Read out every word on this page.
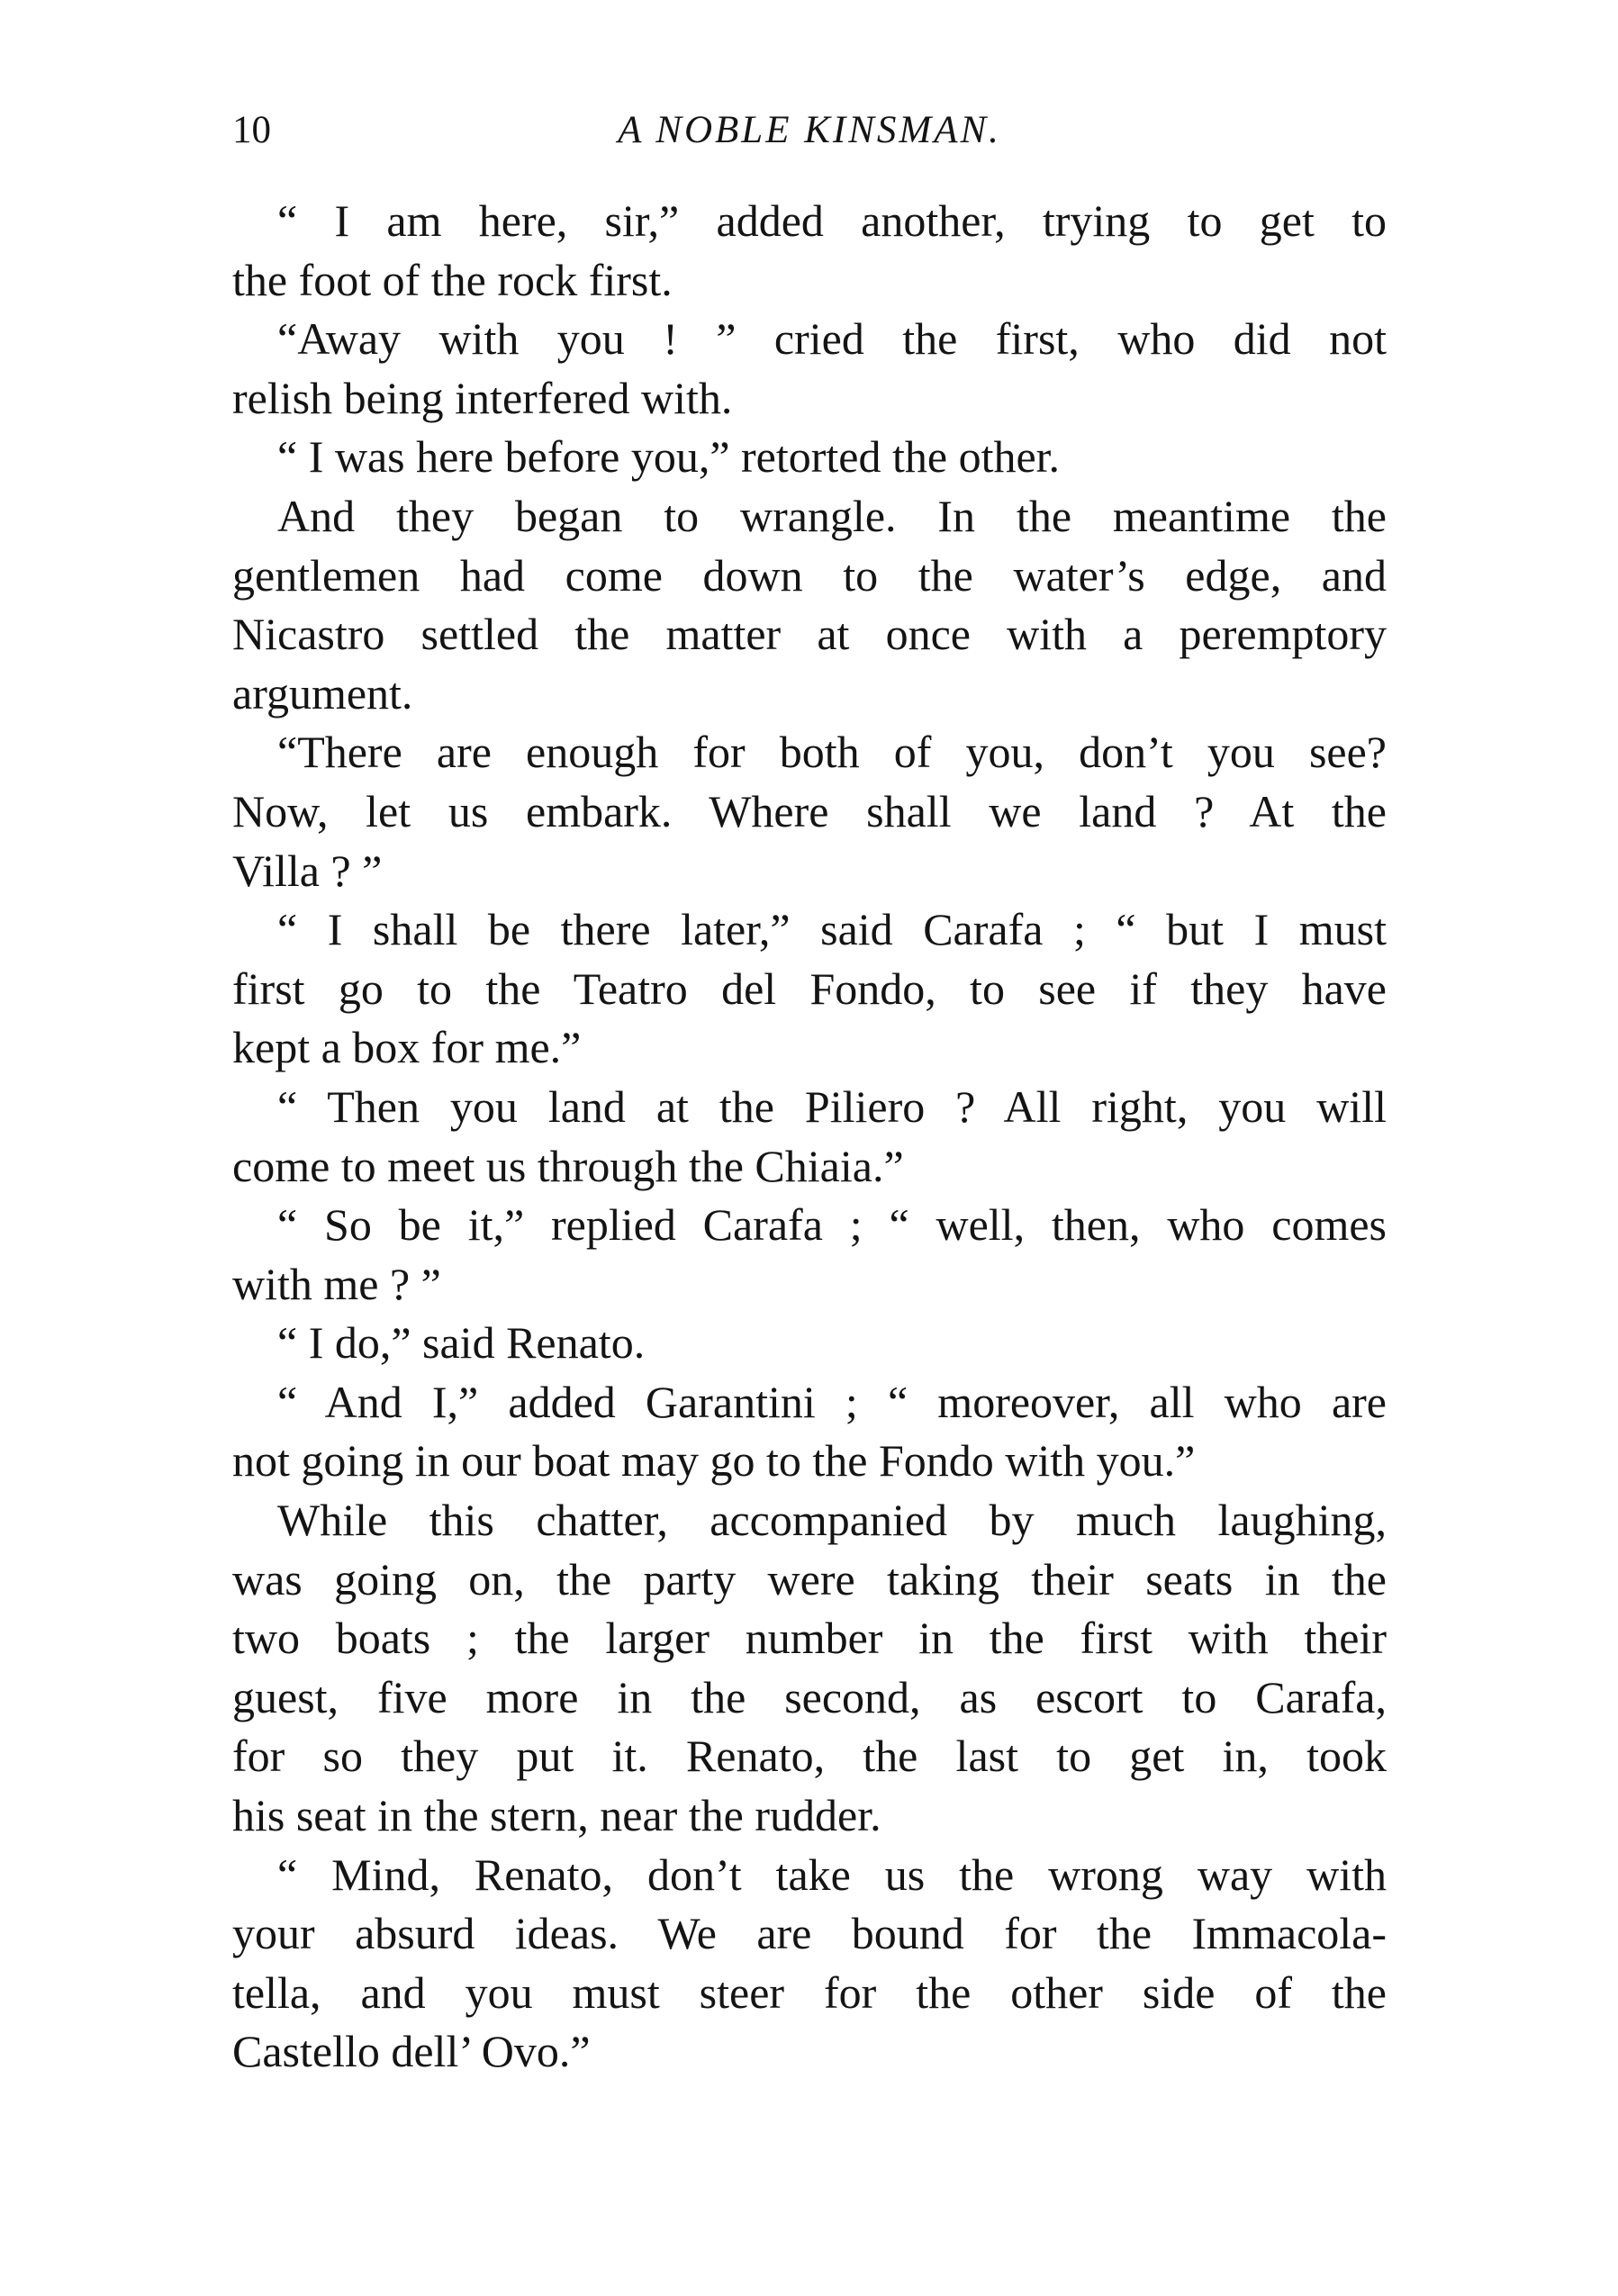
10	A NOBLE KINSMAN.
“ I am here, sir,” added another, trying to get to
the foot of the rock first.
“Away with you ! ” cried the first, who did not
relish being interfered with.
“ I was here before you,” retorted the other.
And they began to wrangle. In the meantime the
gentlemen had come down to the water’s edge, and
Nicastro settled the matter at once with a peremptory
argument.
“There are enough for both of you, don’t you see?
Now, let us embark. Where shall we land ? At the
Villa ? ”
“ I shall be there later,” said Carafa ; “ but I must
first go to the Teatro del Fondo, to see if they have
kept a box for me.”
“ Then you land at the Piliero ? All right, you will
come to meet us through the Chiaia.”
“ So be it,” replied Carafa ; “ well, then, who comes
with me ? ”
“ I do,” said Renato.
“ And I,” added Garantini ; “ moreover, all who are
not going in our boat may go to the Fondo with you.”
While this chatter, accompanied by much laughing,
was going on, the party were taking their seats in the
two boats ; the larger number in the first with their
guest, five more in the second, as escort to Carafa,
for so they put it. Renato, the last to get in, took
his seat in the stern, near the rudder.
“ Mind, Renato, don’t take us the wrong way with
your absurd ideas. We are bound for the Immacola-
tella, and you must steer for the other side of the
Castello dell’ Ovo.”
